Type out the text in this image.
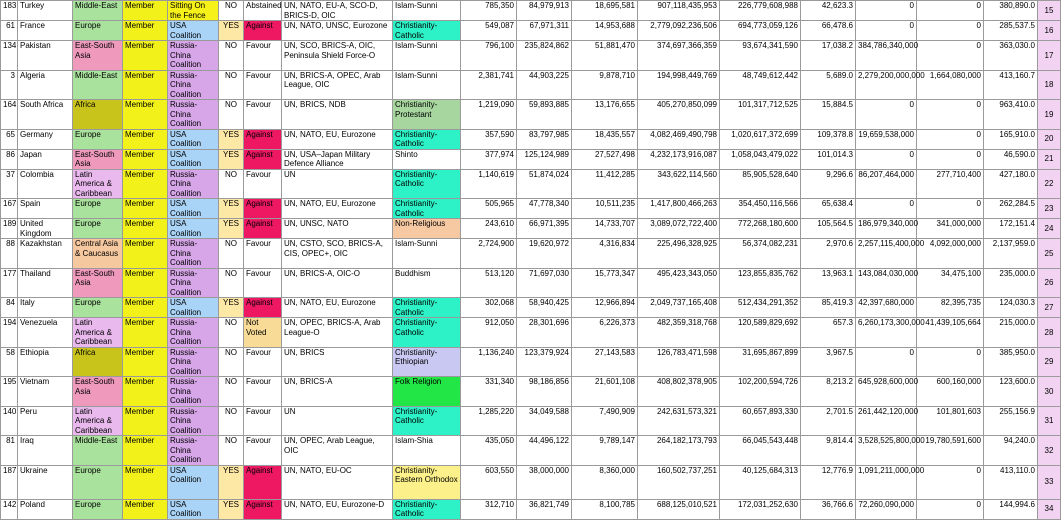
183	Turkey	Middle-East	Member	Sitting On the Fence	NO	Abstained	UN, NATO, EU-A, SCO-D, BRICS-D, OIC	Islam-Sunni	785,350	84,979,913	18,695,581	907,118,435,953	226,779,608,988	42,623.3	0	0	380,890.0	15
61	France	Europe	Member	USA Coalition	YES	Against	UN, NATO, UNSC, Eurozone	Christianity-Catholic	549,087	67,971,311	14,953,688	2,779,092,236,506	694,773,059,126	66,478.6	0	0	285,537.5	16
134	Pakistan	East-South Asia	Member	Russia-China Coalition	NO	Favour	UN, SCO, BRICS-A, OIC, Peninsula Shield Force-O	Islam-Sunni	796,100	235,824,862	51,881,470	374,697,366,359	93,674,341,590	17,038.2	384,786,340,000	0	363,030.0	17
3	Algeria	Middle-East	Member	Russia-China Coalition	NO	Favour	UN, BRICS-A, OPEC, Arab League, OIC	Islam-Sunni	2,381,741	44,903,225	9,878,710	194,998,449,769	48,749,612,442	5,689.0	2,279,200,000,000	1,664,080,000	413,160.7	18
164	South Africa	Africa	Member	Russia-China Coalition	NO	Favour	UN, BRICS, NDB	Christianity-Protestant	1,219,090	59,893,885	13,176,655	405,270,850,099	101,317,712,525	15,884.5	0	0	963,410.0	19
65	Germany	Europe	Member	USA Coalition	YES	Against	UN, NATO, EU, Eurozone	Christianity-Catholic	357,590	83,797,985	18,435,557	4,082,469,490,798	1,020,617,372,699	109,378.8	19,659,538,000	0	165,910.0	20
86	Japan	East-South Asia	Member	USA Coalition	YES	Against	UN, USA–Japan Military Defence Alliance	Shinto	377,974	125,124,989	27,527,498	4,232,173,916,087	1,058,043,479,022	101,014.3	0	0	46,590.0	21
37	Colombia	Latin America & Caribbean	Member	Russia-China Coalition	NO	Favour	UN	Christianity-Catholic	1,140,619	51,874,024	11,412,285	343,622,114,560	85,905,528,640	9,296.6	86,207,464,000	277,710,400	427,180.0	22
167	Spain	Europe	Member	USA Coalition	YES	Against	UN, NATO, EU, Eurozone	Christianity-Catholic	505,965	47,778,340	10,511,235	1,417,800,466,263	354,450,116,566	65,638.4	0	0	262,284.5	23
189	United Kingdom	Europe	Member	USA Coalition	YES	Against	UN, UNSC, NATO	Non-Religious	243,610	66,971,395	14,733,707	3,089,072,722,400	772,268,180,600	105,564.5	186,979,340,000	341,000,000	172,151.4	24
88	Kazakhstan	Central Asia & Caucasus	Member	Russia-China Coalition	NO	Favour	UN, CSTO, SCO, BRICS-A, CIS, OPEC+, OIC	Islam-Sunni	2,724,900	19,620,972	4,316,834	225,496,328,925	56,374,082,231	2,970.6	2,257,115,400,000	4,092,000,000	2,137,959.0	25
177	Thailand	East-South Asia	Member	Russia-China Coalition	NO	Favour	UN, BRICS-A, OIC-O	Buddhism	513,120	71,697,030	15,773,347	495,423,343,050	123,855,835,762	13,963.1	143,084,030,000	34,475,100	235,000.0	26
84	Italy	Europe	Member	USA Coalition	YES	Against	UN, NATO, EU, Eurozone	Christianity-Catholic	302,068	58,940,425	12,966,894	2,049,737,165,408	512,434,291,352	85,419.3	42,397,680,000	82,395,735	124,030.3	27
194	Venezuela	Latin America & Caribbean	Member	Russia-China Coalition	NO	Not Voted	UN, OPEC, BRICS-A, Arab League-O	Christianity-Catholic	912,050	28,301,696	6,226,373	482,359,318,768	120,589,829,692	657.3	6,260,173,300,000	41,439,105,664	215,000.0	28
58	Ethiopia	Africa	Member	Russia-China Coalition	NO	Favour	UN, BRICS	Christianity-Ethiopian	1,136,240	123,379,924	27,143,583	126,783,471,598	31,695,867,899	3,967.5	0	0	385,950.0	29
195	Vietnam	East-South Asia	Member	Russia-China Coalition	NO	Favour	UN, BRICS-A	Folk Religion	331,340	98,186,856	21,601,108	408,802,378,905	102,200,594,726	8,213.2	645,928,600,000	600,160,000	123,600.0	30
140	Peru	Latin America & Caribbean	Member	Russia-China Coalition	NO	Favour	UN	Christianity-Catholic	1,285,220	34,049,588	7,490,909	242,631,573,321	60,657,893,330	2,701.5	261,442,120,000	101,801,603	255,156.9	31
81	Iraq	Middle-East	Member	Russia-China Coalition	NO	Favour	UN, OPEC, Arab League, OIC	Islam-Shia	435,050	44,496,122	9,789,147	264,182,173,793	66,045,543,448	9,814.4	3,528,525,800,000	19,780,591,600	94,240.0	32
187	Ukraine	Europe	Member	USA Coalition	YES	Against	UN, NATO, EU-OC	Christianity-Eastern Orthodox	603,550	38,000,000	8,360,000	160,502,737,251	40,125,684,313	12,776.9	1,091,211,000,000	0	413,110.0	33
142	Poland	Europe	Member	USA Coalition	YES	Against	UN, NATO, EU, Eurozone-D	Christianity-Catholic	312,710	36,821,749	8,100,785	688,125,010,521	172,031,252,630	36,766.6	72,260,090,000	0	144,994.6	34
